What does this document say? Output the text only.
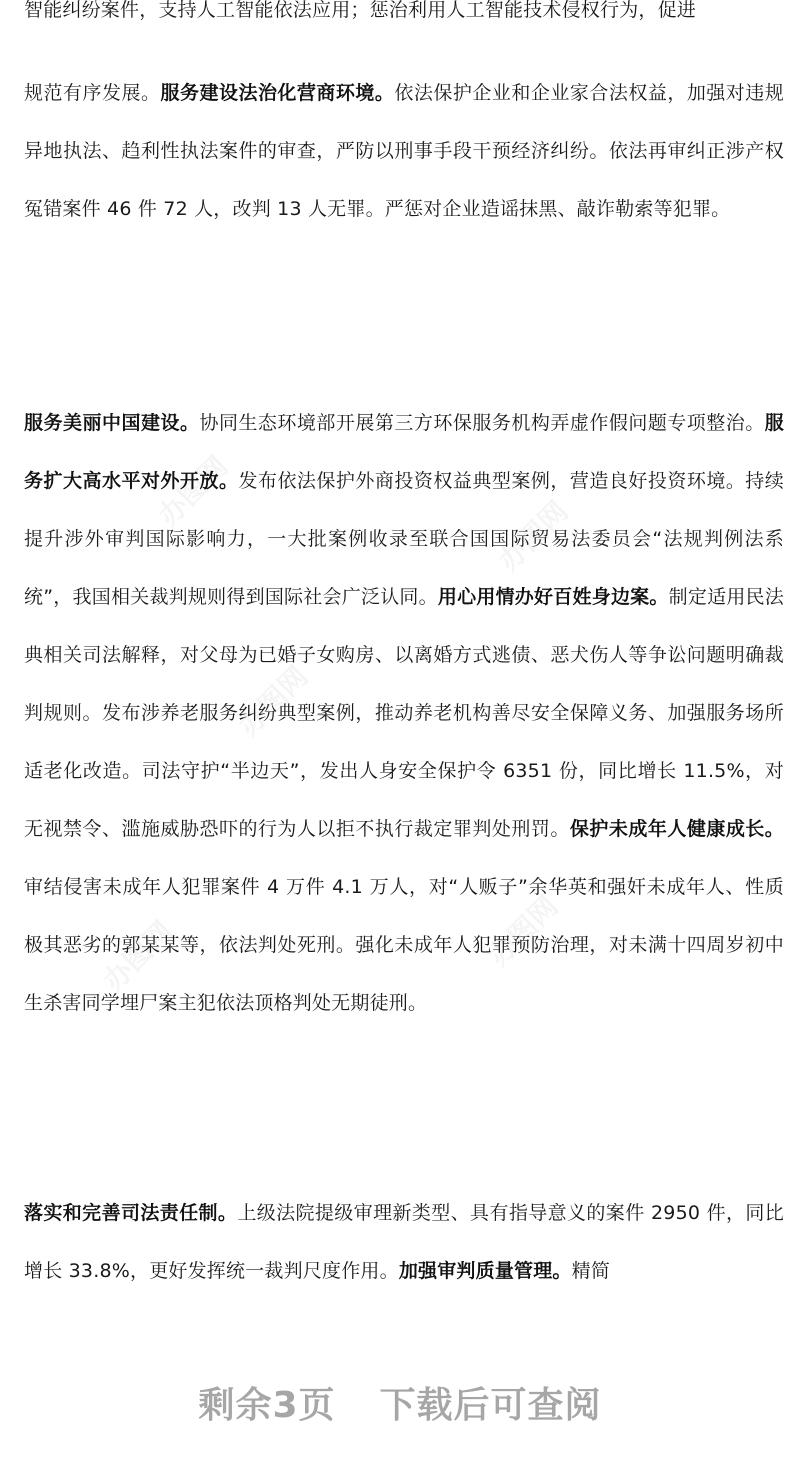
智能纠纷案件，支持人工智能依法应用；惩治利用人工智能技术侵权行为，促进

规范有序发展。服务建设法治化营商环境。依法保护企业和企业家合法权益，加强对违规异地执法、趋利性执法案件的审查，严防以刑事手段干预经济纠纷。依法再审纠正涉产权冤错案件 46 件 72 人，改判 13 人无罪。严惩对企业造谣抹黑、敲诈勒索等犯罪。

服务美丽中国建设。协同生态环境部开展第三方环保服务机构弄虚作假问题专项整治。服务扩大高水平对外开放。发布依法保护外商投资权益典型案例，营造良好投资环境。持续提升涉外审判国际影响力，一大批案例收录至联合国国际贸易法委员会“法规判例法系统”，我国相关裁判规则得到国际社会广泛认同。用心用情办好百姓身边案。制定适用民法典相关司法解释，对父母为已婚子女购房、以离婚方式逃债、恶犬伤人等争讼问题明确裁判规则。发布涉养老服务纠纷典型案例，推动养老机构善尽安全保障义务、加强服务场所适老化改造。司法守护“半边天”，发出人身安全保护令 6351 份，同比增长 11.5%，对无视禁令、滥施威胁恐吓的行为人以拒不执行裁定罪判处刑罚。保护未成年人健康成长。审结侵害未成年人犯罪案件 4 万件 4.1 万人，对“人贩子”余华英和强奸未成年人、性质极其恶劣的郭某某等，依法判处死刑。强化未成年人犯罪预防治理，对未满十四周岁初中生杀害同学埋尸案主犯依法顶格判处无期徒刑。

落实和完善司法责任制。上级法院提级审理新类型、具有指导意义的案件 2950 件，同比增长 33.8%，更好发挥统一裁判尺度作用。加强审判质量管理。精简

剩余3页 下载后可查阅
